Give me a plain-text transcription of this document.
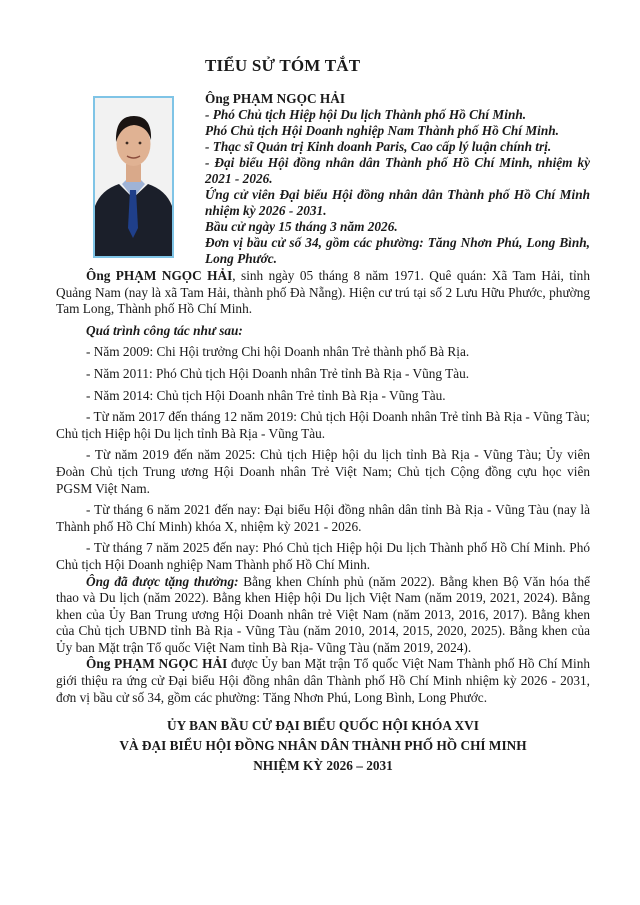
TIỂU SỬ TÓM TẮT
Ông PHẠM NGỌC HẢI
- Phó Chủ tịch Hiệp hội Du lịch Thành phố Hồ Chí Minh.
Phó Chủ tịch Hội Doanh nghiệp Nam Thành phố Hồ Chí Minh.
- Thạc sĩ Quản trị Kinh doanh Paris, Cao cấp lý luận chính trị.
- Đại biểu Hội đồng nhân dân Thành phố Hồ Chí Minh, nhiệm kỳ 2021 - 2026.
Ứng cử viên Đại biểu Hội đồng nhân dân Thành phố Hồ Chí Minh nhiệm kỳ 2026 - 2031.
Bầu cử ngày 15 tháng 3 năm 2026.
Đơn vị bầu cử số 34, gồm các phường: Tăng Nhơn Phú, Long Bình, Long Phước.

Ông PHẠM NGỌC HẢI, sinh ngày 05 tháng 8 năm 1971. Quê quán: Xã Tam Hải, tỉnh Quảng Nam (nay là xã Tam Hải, thành phố Đà Nẵng). Hiện cư trú tại số 2 Lưu Hữu Phước, phường Tam Long, Thành phố Hồ Chí Minh.

Quá trình công tác như sau:

- Năm 2009: Chi Hội trưởng Chi hội Doanh nhân Trẻ thành phố Bà Rịa.

- Năm 2011: Phó Chủ tịch Hội Doanh nhân Trẻ tỉnh Bà Rịa - Vũng Tàu.

- Năm 2014: Chủ tịch Hội Doanh nhân Trẻ tỉnh Bà Rịa - Vũng Tàu.

- Từ năm 2017 đến tháng 12 năm 2019: Chủ tịch Hội Doanh nhân Trẻ tỉnh Bà Rịa - Vũng Tàu; Chủ tịch Hiệp hội Du lịch tỉnh Bà Rịa - Vũng Tàu.

- Từ năm 2019 đến năm 2025: Chủ tịch Hiệp hội du lịch tỉnh Bà Rịa - Vũng Tàu; Ủy viên Đoàn Chủ tịch Trung ương Hội Doanh nhân Trẻ Việt Nam; Chủ tịch Cộng đồng cựu học viên PGSM Việt Nam.

- Từ tháng 6 năm 2021 đến nay: Đại biểu Hội đồng nhân dân tỉnh Bà Rịa - Vũng Tàu (nay là Thành phố Hồ Chí Minh) khóa X, nhiệm kỳ 2021 - 2026.

- Từ tháng 7 năm 2025 đến nay: Phó Chủ tịch Hiệp hội Du lịch Thành phố Hồ Chí Minh. Phó Chủ tịch Hội Doanh nghiệp Nam Thành phố Hồ Chí Minh.

Ông đã được tặng thưởng: Bằng khen Chính phủ (năm 2022). Bằng khen Bộ Văn hóa thể thao và Du lịch (năm 2022). Bằng khen Hiệp hội Du lịch Việt Nam (năm 2019, 2021, 2024). Bằng khen của Ủy Ban Trung ương Hội Doanh nhân trẻ Việt Nam (năm 2013, 2016, 2017). Bằng khen của Chủ tịch UBND tỉnh Bà Rịa - Vũng Tàu (năm 2010, 2014, 2015, 2020, 2025). Bằng khen của Ủy ban Mặt trận Tổ quốc Việt Nam tỉnh Bà Rịa- Vũng Tàu (năm 2019, 2024).

Ông PHẠM NGỌC HẢI được Ủy ban Mặt trận Tổ quốc Việt Nam Thành phố Hồ Chí Minh giới thiệu ra ứng cử Đại biểu Hội đồng nhân dân Thành phố Hồ Chí Minh nhiệm kỳ 2026 - 2031, đơn vị bầu cử số 34, gồm các phường: Tăng Nhơn Phú, Long Bình, Long Phước.

ỦY BAN BẦU CỬ ĐẠI BIỂU QUỐC HỘI KHÓA XVI
VÀ ĐẠI BIỂU HỘI ĐỒNG NHÂN DÂN THÀNH PHỐ HỒ CHÍ MINH
NHIỆM KỲ 2026 – 2031
